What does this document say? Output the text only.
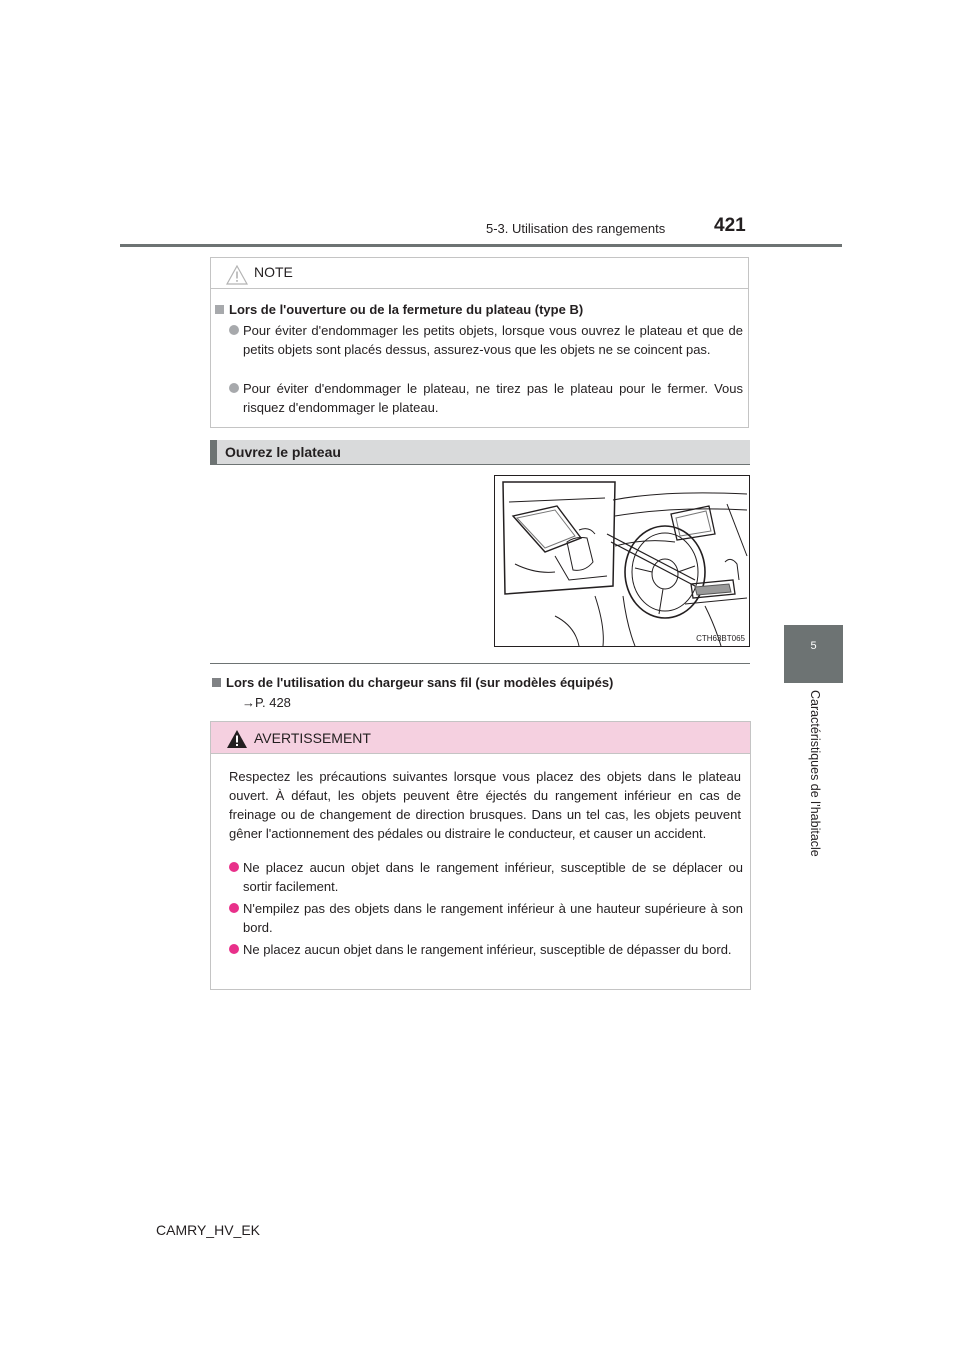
5-3. Utilisation des rangements	421
5
Caractéristiques de l’habitacle
NOTE
Lors de l'ouverture ou de la fermeture du plateau (type B)
Pour éviter d'endommager les petits objets, lorsque vous ouvrez le plateau et que de petits objets sont placés dessus, assurez-vous que les objets ne se coincent pas.
Pour éviter d'endommager le plateau, ne tirez pas le plateau pour le fermer. Vous risquez d'endommager le plateau.
Ouvrez le plateau
CTH63BT065
Lors de l'utilisation du chargeur sans fil (sur modèles équipés)
→P. 428
AVERTISSEMENT
Respectez les précautions suivantes lorsque vous placez des objets dans le plateau ouvert. À défaut, les objets peuvent être éjectés du rangement inférieur en cas de freinage ou de changement de direction brusques. Dans un tel cas, les objets peuvent gêner l'actionnement des pédales ou distraire le conducteur, et causer un accident.
Ne placez aucun objet dans le rangement inférieur, susceptible de se déplacer ou sortir facilement.
N'empilez pas des objets dans le rangement inférieur à une hauteur supérieure à son bord.
Ne placez aucun objet dans le rangement inférieur, susceptible de dépasser du bord.
CAMRY_HV_EK
